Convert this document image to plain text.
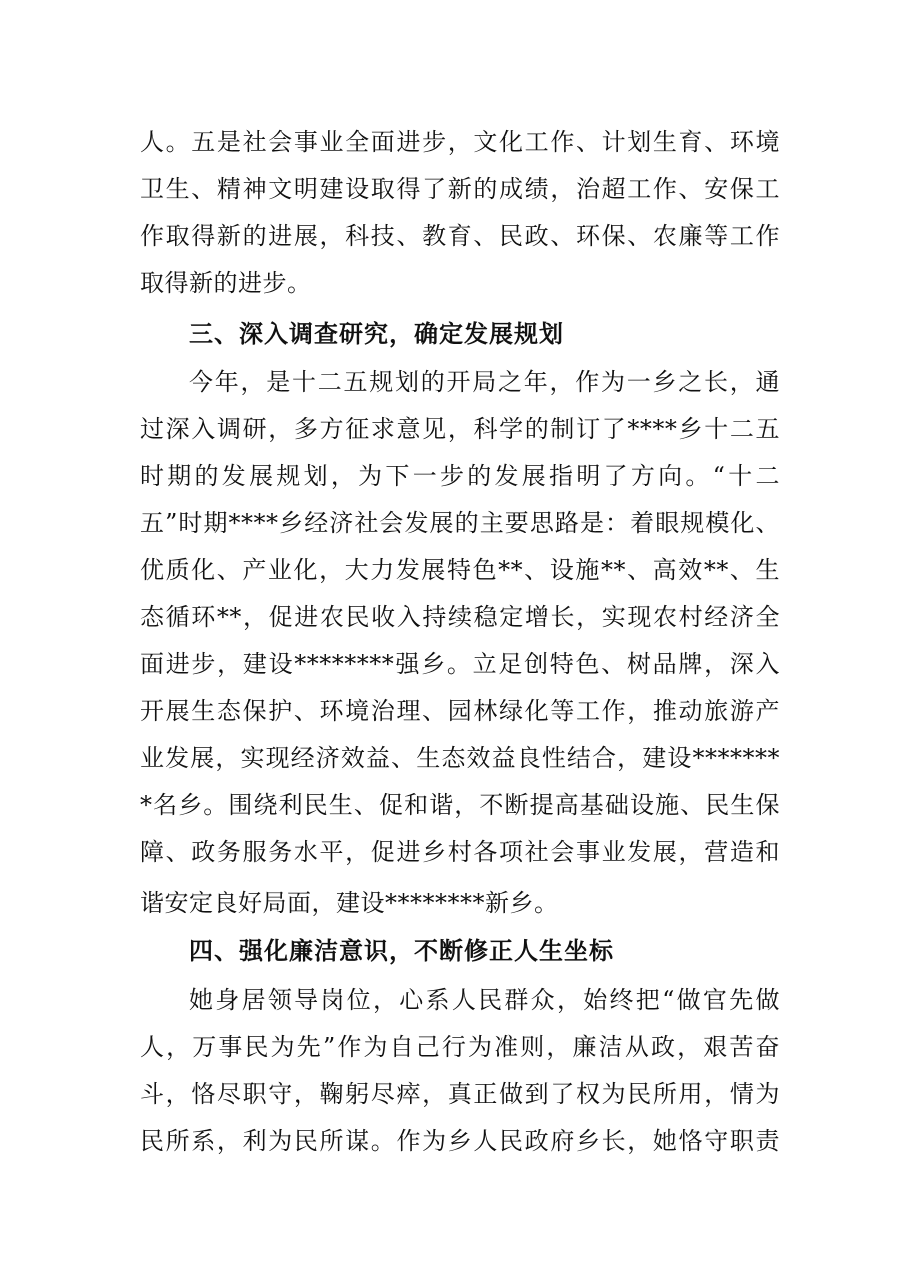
人。五是社会事业全面进步，文化工作、计划生育、环境
卫生、精神文明建设取得了新的成绩，治超工作、安保工
作取得新的进展，科技、教育、民政、环保、农廉等工作
取得新的进步。
三、深入调查研究，确定发展规划
今年，是十二五规划的开局之年，作为一乡之长，通
过深入调研，多方征求意见，科学的制订了****乡十二五
时期的发展规划，为下一步的发展指明了方向。“十二
五”时期****乡经济社会发展的主要思路是：着眼规模化、
优质化、产业化，大力发展特色**、设施**、高效**、生
态循环**，促进农民收入持续稳定增长，实现农村经济全
面进步，建设********强乡。立足创特色、树品牌，深入
开展生态保护、环境治理、园林绿化等工作，推动旅游产
业发展，实现经济效益、生态效益良性结合，建设*******
*名乡。围绕利民生、促和谐，不断提高基础设施、民生保
障、政务服务水平，促进乡村各项社会事业发展，营造和
谐安定良好局面，建设********新乡。
四、强化廉洁意识，不断修正人生坐标
她身居领导岗位，心系人民群众，始终把“做官先做
人，万事民为先”作为自己行为准则，廉洁从政，艰苦奋
斗，恪尽职守，鞠躬尽瘁，真正做到了权为民所用，情为
民所系，利为民所谋。作为乡人民政府乡长，她恪守职责
